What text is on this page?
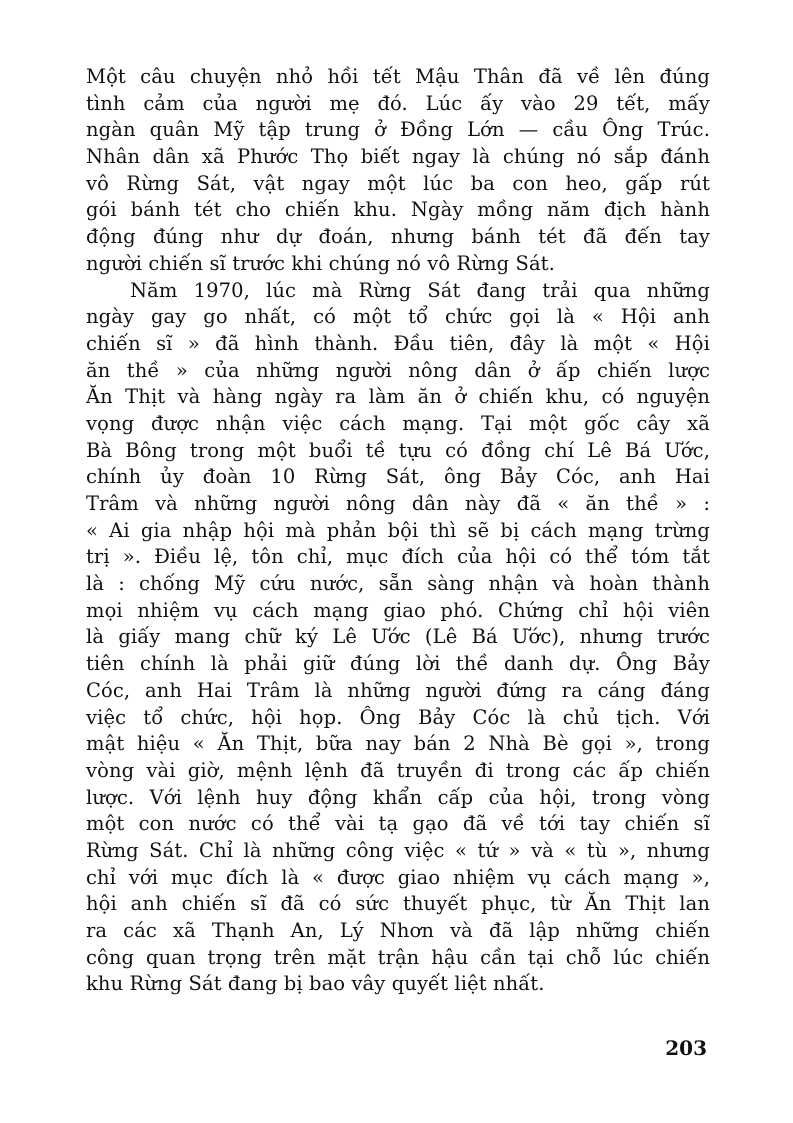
Một câu chuyện nhỏ hồi tết Mậu Thân đã về lên đúng
tình cảm của người mẹ đó. Lúc ấy vào 29 tết, mấy
ngàn quân Mỹ tập trung ở Đồng Lớn — cầu Ông Trúc.
Nhân dân xã Phước Thọ biết ngay là chúng nó sắp đánh
vô Rừng Sát, vật ngay một lúc ba con heo, gấp rút
gói bánh tét cho chiến khu. Ngày mồng năm địch hành
động đúng như dự đoán, nhưng bánh tét đã đến tay
người chiến sĩ trước khi chúng nó vô Rừng Sát.
Năm 1970, lúc mà Rừng Sát đang trải qua những
ngày gay go nhất, có một tổ chức gọi là « Hội anh
chiến sĩ » đã hình thành. Đầu tiên, đây là một « Hội
ăn thề » của những người nông dân ở ấp chiến lược
Ăn Thịt và hàng ngày ra làm ăn ở chiến khu, có nguyện
vọng được nhận việc cách mạng. Tại một gốc cây xã
Bà Bông trong một buổi tề tựu có đồng chí Lê Bá Ước,
chính ủy đoàn 10 Rừng Sát, ông Bảy Cóc, anh Hai
Trâm và những người nông dân này đã « ăn thề » :
« Ai gia nhập hội mà phản bội thì sẽ bị cách mạng trừng
trị ». Điều lệ, tôn chỉ, mục đích của hội có thể tóm tắt
là : chống Mỹ cứu nước, sẵn sàng nhận và hoàn thành
mọi nhiệm vụ cách mạng giao phó. Chứng chỉ hội viên
là giấy mang chữ ký Lê Ước (Lê Bá Ước), nhưng trước
tiên chính là phải giữ đúng lời thề danh dự. Ông Bảy
Cóc, anh Hai Trâm là những người đứng ra cáng đáng
việc tổ chức, hội họp. Ông Bảy Cóc là chủ tịch. Với
mật hiệu « Ăn Thịt, bữa nay bán 2 Nhà Bè gọi », trong
vòng vài giờ, mệnh lệnh đã truyền đi trong các ấp chiến
lược. Với lệnh huy động khẩn cấp của hội, trong vòng
một con nước có thể vài tạ gạo đã về tới tay chiến sĩ
Rừng Sát. Chỉ là những công việc « tứ » và « tù », nhưng
chỉ với mục đích là « được giao nhiệm vụ cách mạng »,
hội anh chiến sĩ đã có sức thuyết phục, từ Ăn Thịt lan
ra các xã Thạnh An, Lý Nhơn và đã lập những chiến
công quan trọng trên mặt trận hậu cần tại chỗ lúc chiến
khu Rừng Sát đang bị bao vây quyết liệt nhất.
203
